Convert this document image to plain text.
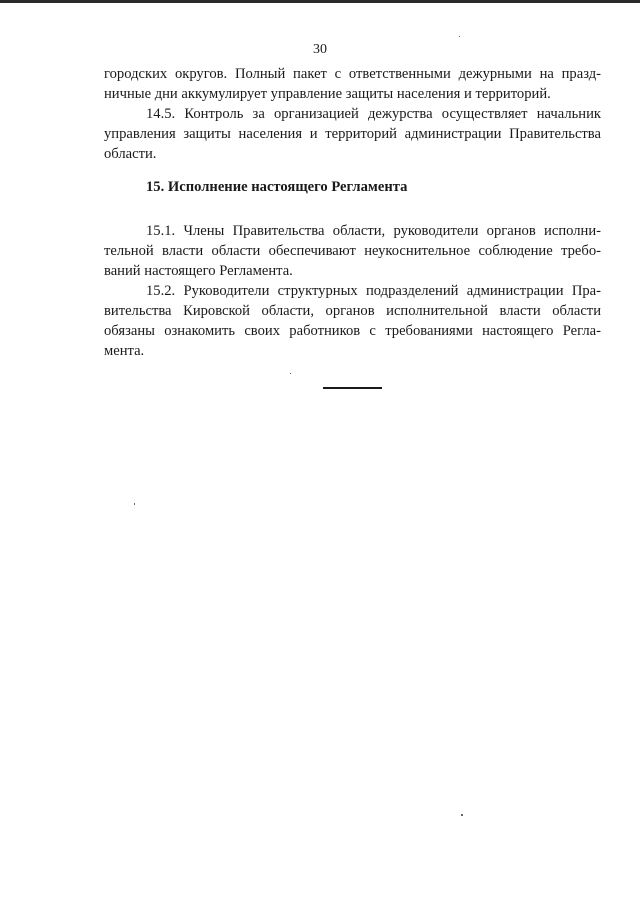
30
городских округов. Полный пакет с ответственными дежурными на празд-
ничные дни аккумулирует управление защиты населения и территорий.
14.5. Контроль за организацией дежурства осуществляет начальник
управления защиты населения и территорий администрации Правительства
области.
15. Исполнение настоящего Регламента
15.1. Члены Правительства области, руководители органов исполни-
тельной власти области обеспечивают неукоснительное соблюдение требо-
ваний настоящего Регламента.
15.2. Руководители структурных подразделений администрации Пра-
вительства Кировской области, органов исполнительной власти области
обязаны ознакомить своих работников с требованиями настоящего Регла-
мента.
